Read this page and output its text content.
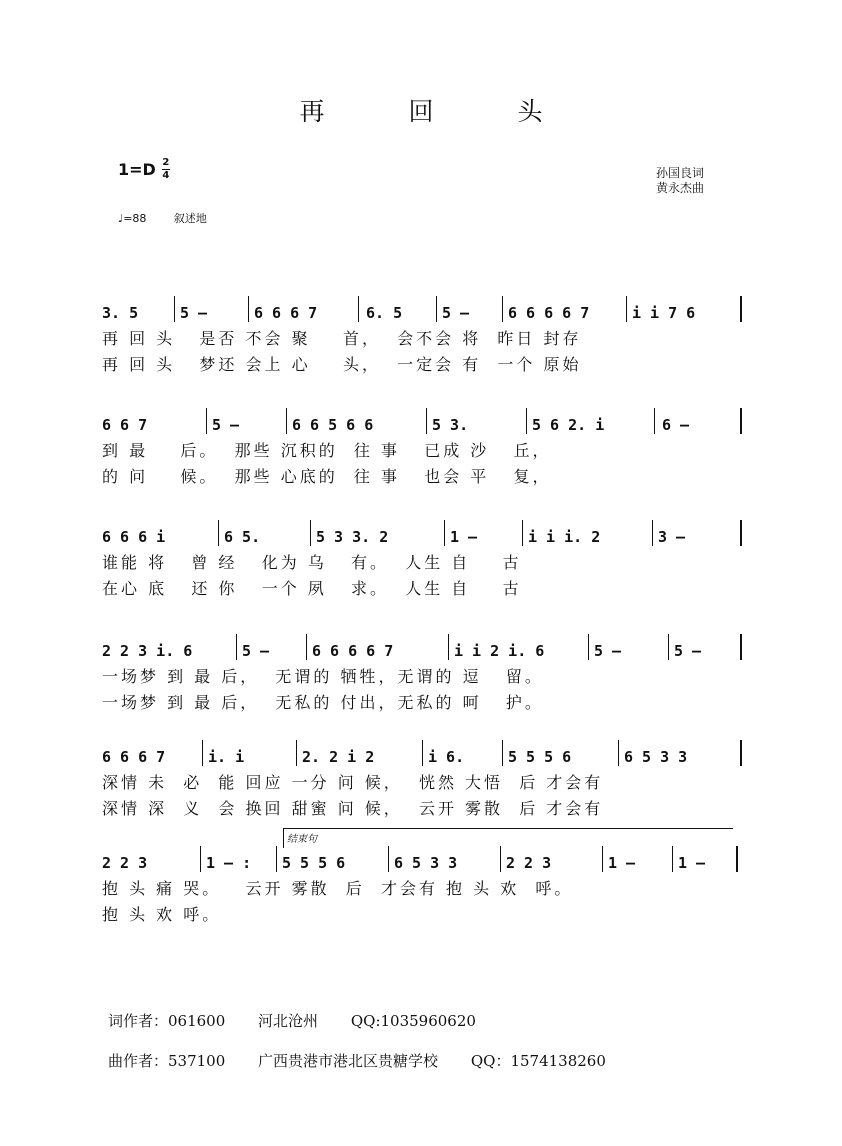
再 回 头
1=D 2
4	孙国良词
黄永杰曲
♩=88	叙述地
3. 5	5 –	6 6 6 7	6. 5	5 –	6 6 6 6 7	i i 7 6
再 回 头   是否 不会 聚    首，  会不会 将  昨日 封存
再 回 头   梦还 会上 心    头，  一定会 有  一个 原始
6 6 7	5 –	6 6 5 6 6	5 3.	5 6 2. i	6 –
到 最    后。  那些 沉积的  往 事   已成 沙   丘，
的 问    候。  那些 心底的  往 事   也会 平   复，
6 6 6 i	6 5.	5 3 3. 2	1 –	i i i. 2	3 –
谁能 将   曾 经   化为 乌   有。  人生 自    古
在心 底   还 你   一个 夙   求。  人生 自    古
2 2 3 i. 6	5 –	6 6 6 6 7	i i 2 i. 6	5 –	5 –
一场梦 到 最 后，  无谓的 牺牲，无谓的 逗   留。
一场梦 到 最 后，  无私的 付出，无私的 呵   护。
6 6 6 7	i. i	2. 2 i 2	i 6.	5 5 5 6	6 5 3 3
深情 未  必  能 回应 一分 问 候，  恍然 大悟  后 才会有
深情 深  义  会 换回 甜蜜 问 候，  云开 雾散  后 才会有
2 2 3	1 – : 5 5 5 6	6 5 3 3	2 2 3	1 –	1 –
抱 头 痛 哭。   云开 雾散  后  才会有 抱 头 欢  呼。
抱 头 欢 呼。
结束句
词作者：061600 河北沧州 QQ:1035960620
曲作者：537100 广西贵港市港北区贵糖学校 QQ：1574138260
